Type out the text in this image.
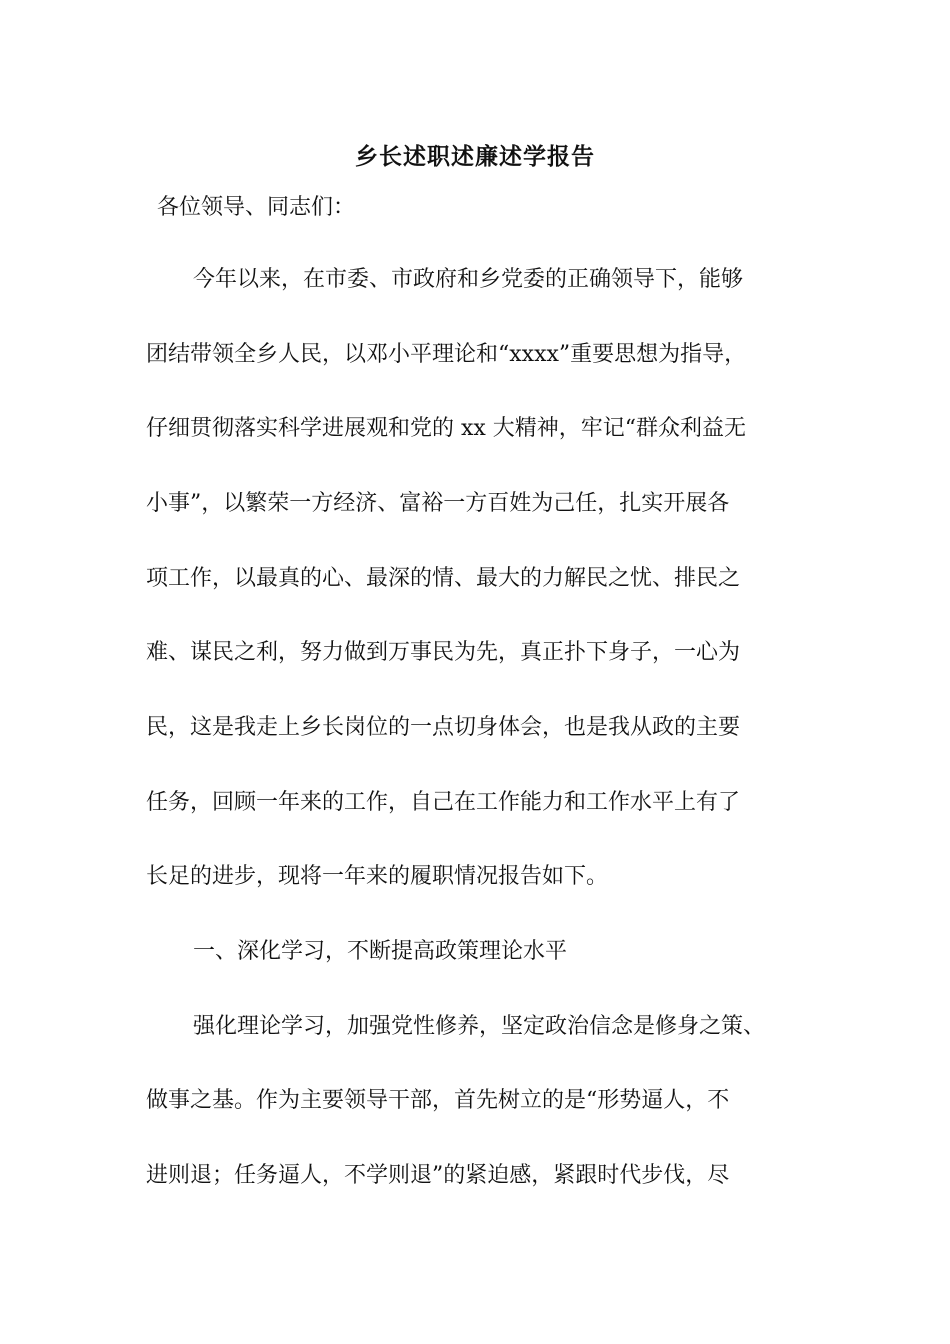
乡长述职述廉述学报告

各位领导、同志们：

今年以来，在市委、市政府和乡党委的正确领导下，能够

团结带领全乡人民，以邓小平理论和“xxxx”重要思想为指导，

仔细贯彻落实科学进展观和党的 xx 大精神，牢记“群众利益无

小事”，以繁荣一方经济、富裕一方百姓为己任，扎实开展各

项工作，以最真的心、最深的情、最大的力解民之忧、排民之

难、谋民之利，努力做到万事民为先，真正扑下身子，一心为

民，这是我走上乡长岗位的一点切身体会，也是我从政的主要

任务，回顾一年来的工作，自己在工作能力和工作水平上有了

长足的进步，现将一年来的履职情况报告如下。

一、深化学习，不断提高政策理论水平

强化理论学习，加强党性修养，坚定政治信念是修身之策、

做事之基。作为主要领导干部，首先树立的是“形势逼人，不

进则退；任务逼人，不学则退”的紧迫感，紧跟时代步伐，尽
